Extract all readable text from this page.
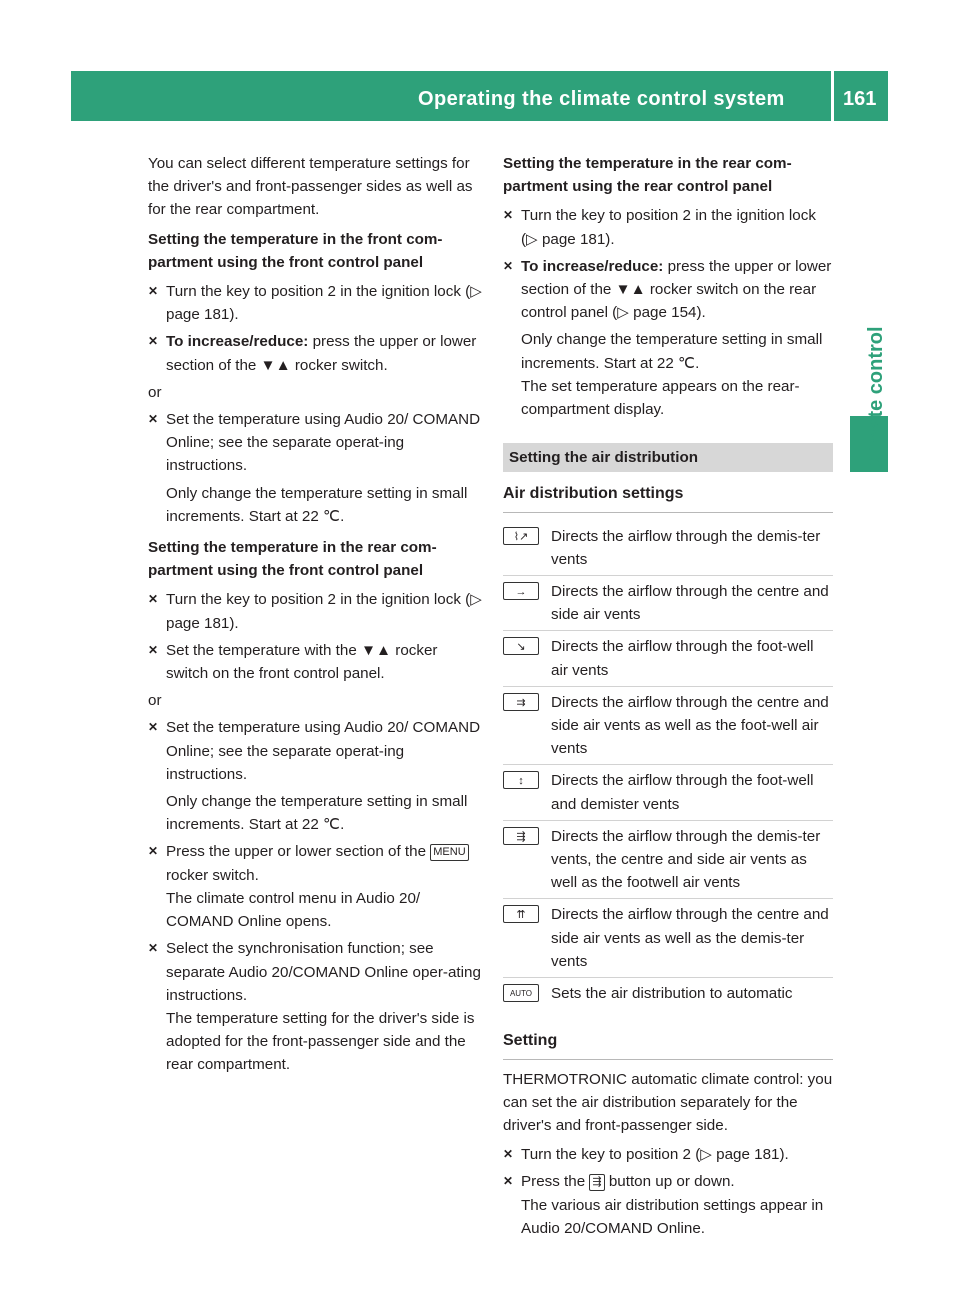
Operating the climate control system	161
Climate control

You can select different temperature settings for the driver's and front-passenger sides as well as for the rear compartment.

Setting the temperature in the front com-partment using the front control panel
✕ Turn the key to position 2 in the ignition lock (▷ page 181).
✕ To increase/reduce: press the upper or lower section of the ▼▲ rocker switch.
or
✕ Set the temperature using Audio 20/ COMAND Online; see the separate operat-ing instructions.
Only change the temperature setting in small increments. Start at 22 ℃.
Setting the temperature in the rear com-partment using the front control panel
✕ Turn the key to position 2 in the ignition lock (▷ page 181).
✕ Set the temperature with the ▼▲ rocker switch on the front control panel.
or
✕ Set the temperature using Audio 20/ COMAND Online; see the separate operat-ing instructions.
Only change the temperature setting in small increments. Start at 22 ℃.
✕ Press the upper or lower section of the MENU rocker switch.
The climate control menu in Audio 20/ COMAND Online opens.
✕ Select the synchronisation function; see separate Audio 20/COMAND Online oper-ating instructions.
The temperature setting for the driver's side is adopted for the front-passenger side and the rear compartment.
Setting the temperature in the rear com-partment using the rear control panel
✕ Turn the key to position 2 in the ignition lock (▷ page 181).
✕ To increase/reduce: press the upper or lower section of the ▼▲ rocker switch on the rear control panel (▷ page 154).
Only change the temperature setting in small increments. Start at 22 ℃.
The set temperature appears on the rear-compartment display.
Setting the air distribution
Air distribution settings
⌇↗	Directs the airflow through the demis-ter vents
→	Directs the airflow through the centre and side air vents
↘	Directs the airflow through the foot-well air vents
⇉	Directs the airflow through the centre and side air vents as well as the foot-well air vents
↕	Directs the airflow through the foot-well and demister vents
⇶	Directs the airflow through the demis-ter vents, the centre and side air vents as well as the footwell air vents
⇈	Directs the airflow through the centre and side air vents as well as the demis-ter vents
AUTO	Sets the air distribution to automatic
Setting

THERMOTRONIC automatic climate control: you can set the air distribution separately for the driver's and front-passenger side.

✕ Turn the key to position 2 (▷ page 181).
✕ Press the ⇶ button up or down.
The various air distribution settings appear in Audio 20/COMAND Online.
